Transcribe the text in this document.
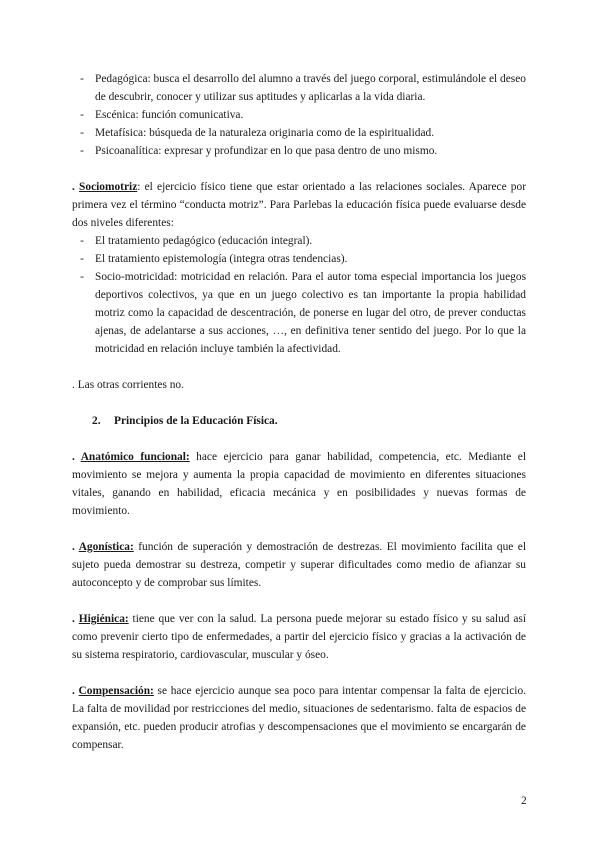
- Pedagógica: busca el desarrollo del alumno a través del juego corporal, estimulándole el deseo de descubrir, conocer y utilizar sus aptitudes y aplicarlas a la vida diaria.
- Escénica: función comunicativa.
- Metafísica: búsqueda de la naturaleza originaria como de la espiritualidad.
- Psicoanalítica: expresar y profundizar en lo que pasa dentro de uno mismo.

. Sociomotriz: el ejercicio físico tiene que estar orientado a las relaciones sociales. Aparece por primera vez el término “conducta motriz”. Para Parlebas la educación física puede evaluarse desde dos niveles diferentes:

- El tratamiento pedagógico (educación integral).
- El tratamiento epistemología (integra otras tendencias).
- Socio-motricidad: motricidad en relación. Para el autor toma especial importancia los juegos deportivos colectivos, ya que en un juego colectivo es tan importante la propia habilidad motriz como la capacidad de descentración, de ponerse en lugar del otro, de prever conductas ajenas, de adelantarse a sus acciones, …, en definitiva tener sentido del juego. Por lo que la motricidad en relación incluye también la afectividad.

. Las otras corrientes no.

2. Principios de la Educación Física.

. Anatómico funcional: hace ejercicio para ganar habilidad, competencia, etc. Mediante el movimiento se mejora y aumenta la propia capacidad de movimiento en diferentes situaciones vitales, ganando en habilidad, eficacia mecánica y en posibilidades y nuevas formas de movimiento.

. Agonística: función de superación y demostración de destrezas. El movimiento facilita que el sujeto pueda demostrar su destreza, competir y superar dificultades como medio de afianzar su autoconcepto y de comprobar sus límites.

. Higiénica: tiene que ver con la salud. La persona puede mejorar su estado físico y su salud así como prevenir cierto tipo de enfermedades, a partir del ejercicio físico y gracias a la activación de su sistema respiratorio, cardiovascular, muscular y óseo.

. Compensación: se hace ejercicio aunque sea poco para intentar compensar la falta de ejercicio. La falta de movilidad por restricciones del medio, situaciones de sedentarismo. falta de espacios de expansión, etc. pueden producir atrofias y descompensaciones que el movimiento se encargarán de compensar.

2
